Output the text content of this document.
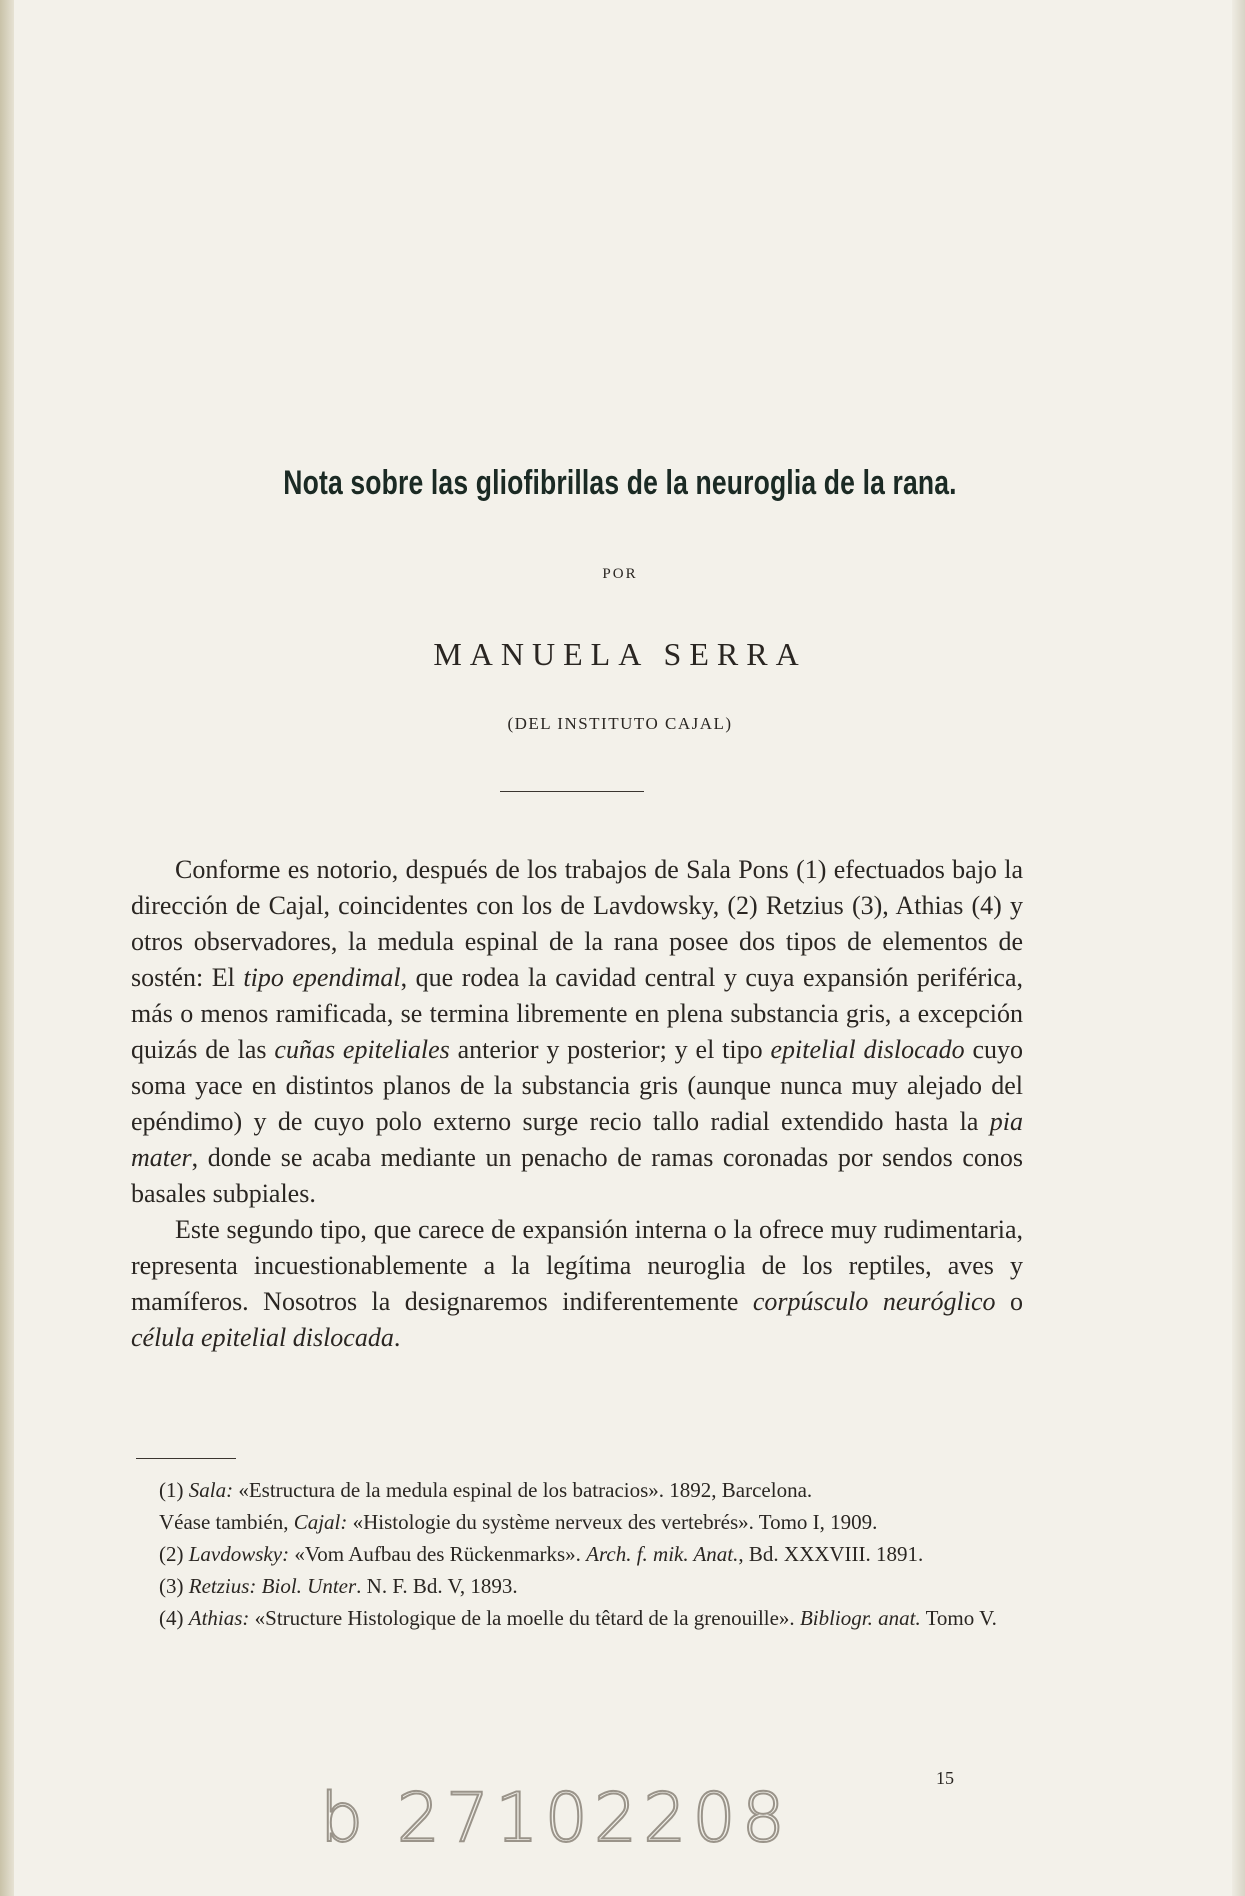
Nota sobre las gliofibrillas de la neuroglia de la rana.
POR
MANUELA SERRA
(DEL INSTITUTO CAJAL)

Conforme es notorio, después de los trabajos de Sala Pons (1) efectuados bajo la dirección de Cajal, coincidentes con los de Lavdowsky, (2) Retzius (3), Athias (4) y otros observadores, la medula espinal de la rana posee dos tipos de elementos de sostén: El tipo ependimal, que rodea la cavidad central y cuya expansión periférica, más o menos ramificada, se termina libremente en plena substancia gris, a excepción quizás de las cuñas epiteliales anterior y posterior; y el tipo epitelial dislocado cuyo soma yace en distintos planos de la substancia gris (aunque nunca muy alejado del epéndimo) y de cuyo polo externo surge recio tallo radial extendido hasta la pia mater, donde se acaba mediante un penacho de ramas coronadas por sendos conos basales subpiales.

Este segundo tipo, que carece de expansión interna o la ofrece muy rudimentaria, representa incuestionablemente a la legítima neuroglia de los reptiles, aves y mamíferos. Nosotros la designaremos indiferentemente corpúsculo neuróglico o célula epitelial dislocada.

(1) Sala: «Estructura de la medula espinal de los batracios». 1892, Barcelona.
Véase también, Cajal: «Histologie du système nerveux des vertebrés». Tomo I, 1909.
(2) Lavdowsky: «Vom Aufbau des Rückenmarks». Arch. f. mik. Anat., Bd. XXXVIII. 1891.
(3) Retzius: Biol. Unter. N. F. Bd. V, 1893.
(4) Athias: «Structure Histologique de la moelle du têtard de la grenouille». Bibliogr. anat. Tomo V.
15
b 27102208
